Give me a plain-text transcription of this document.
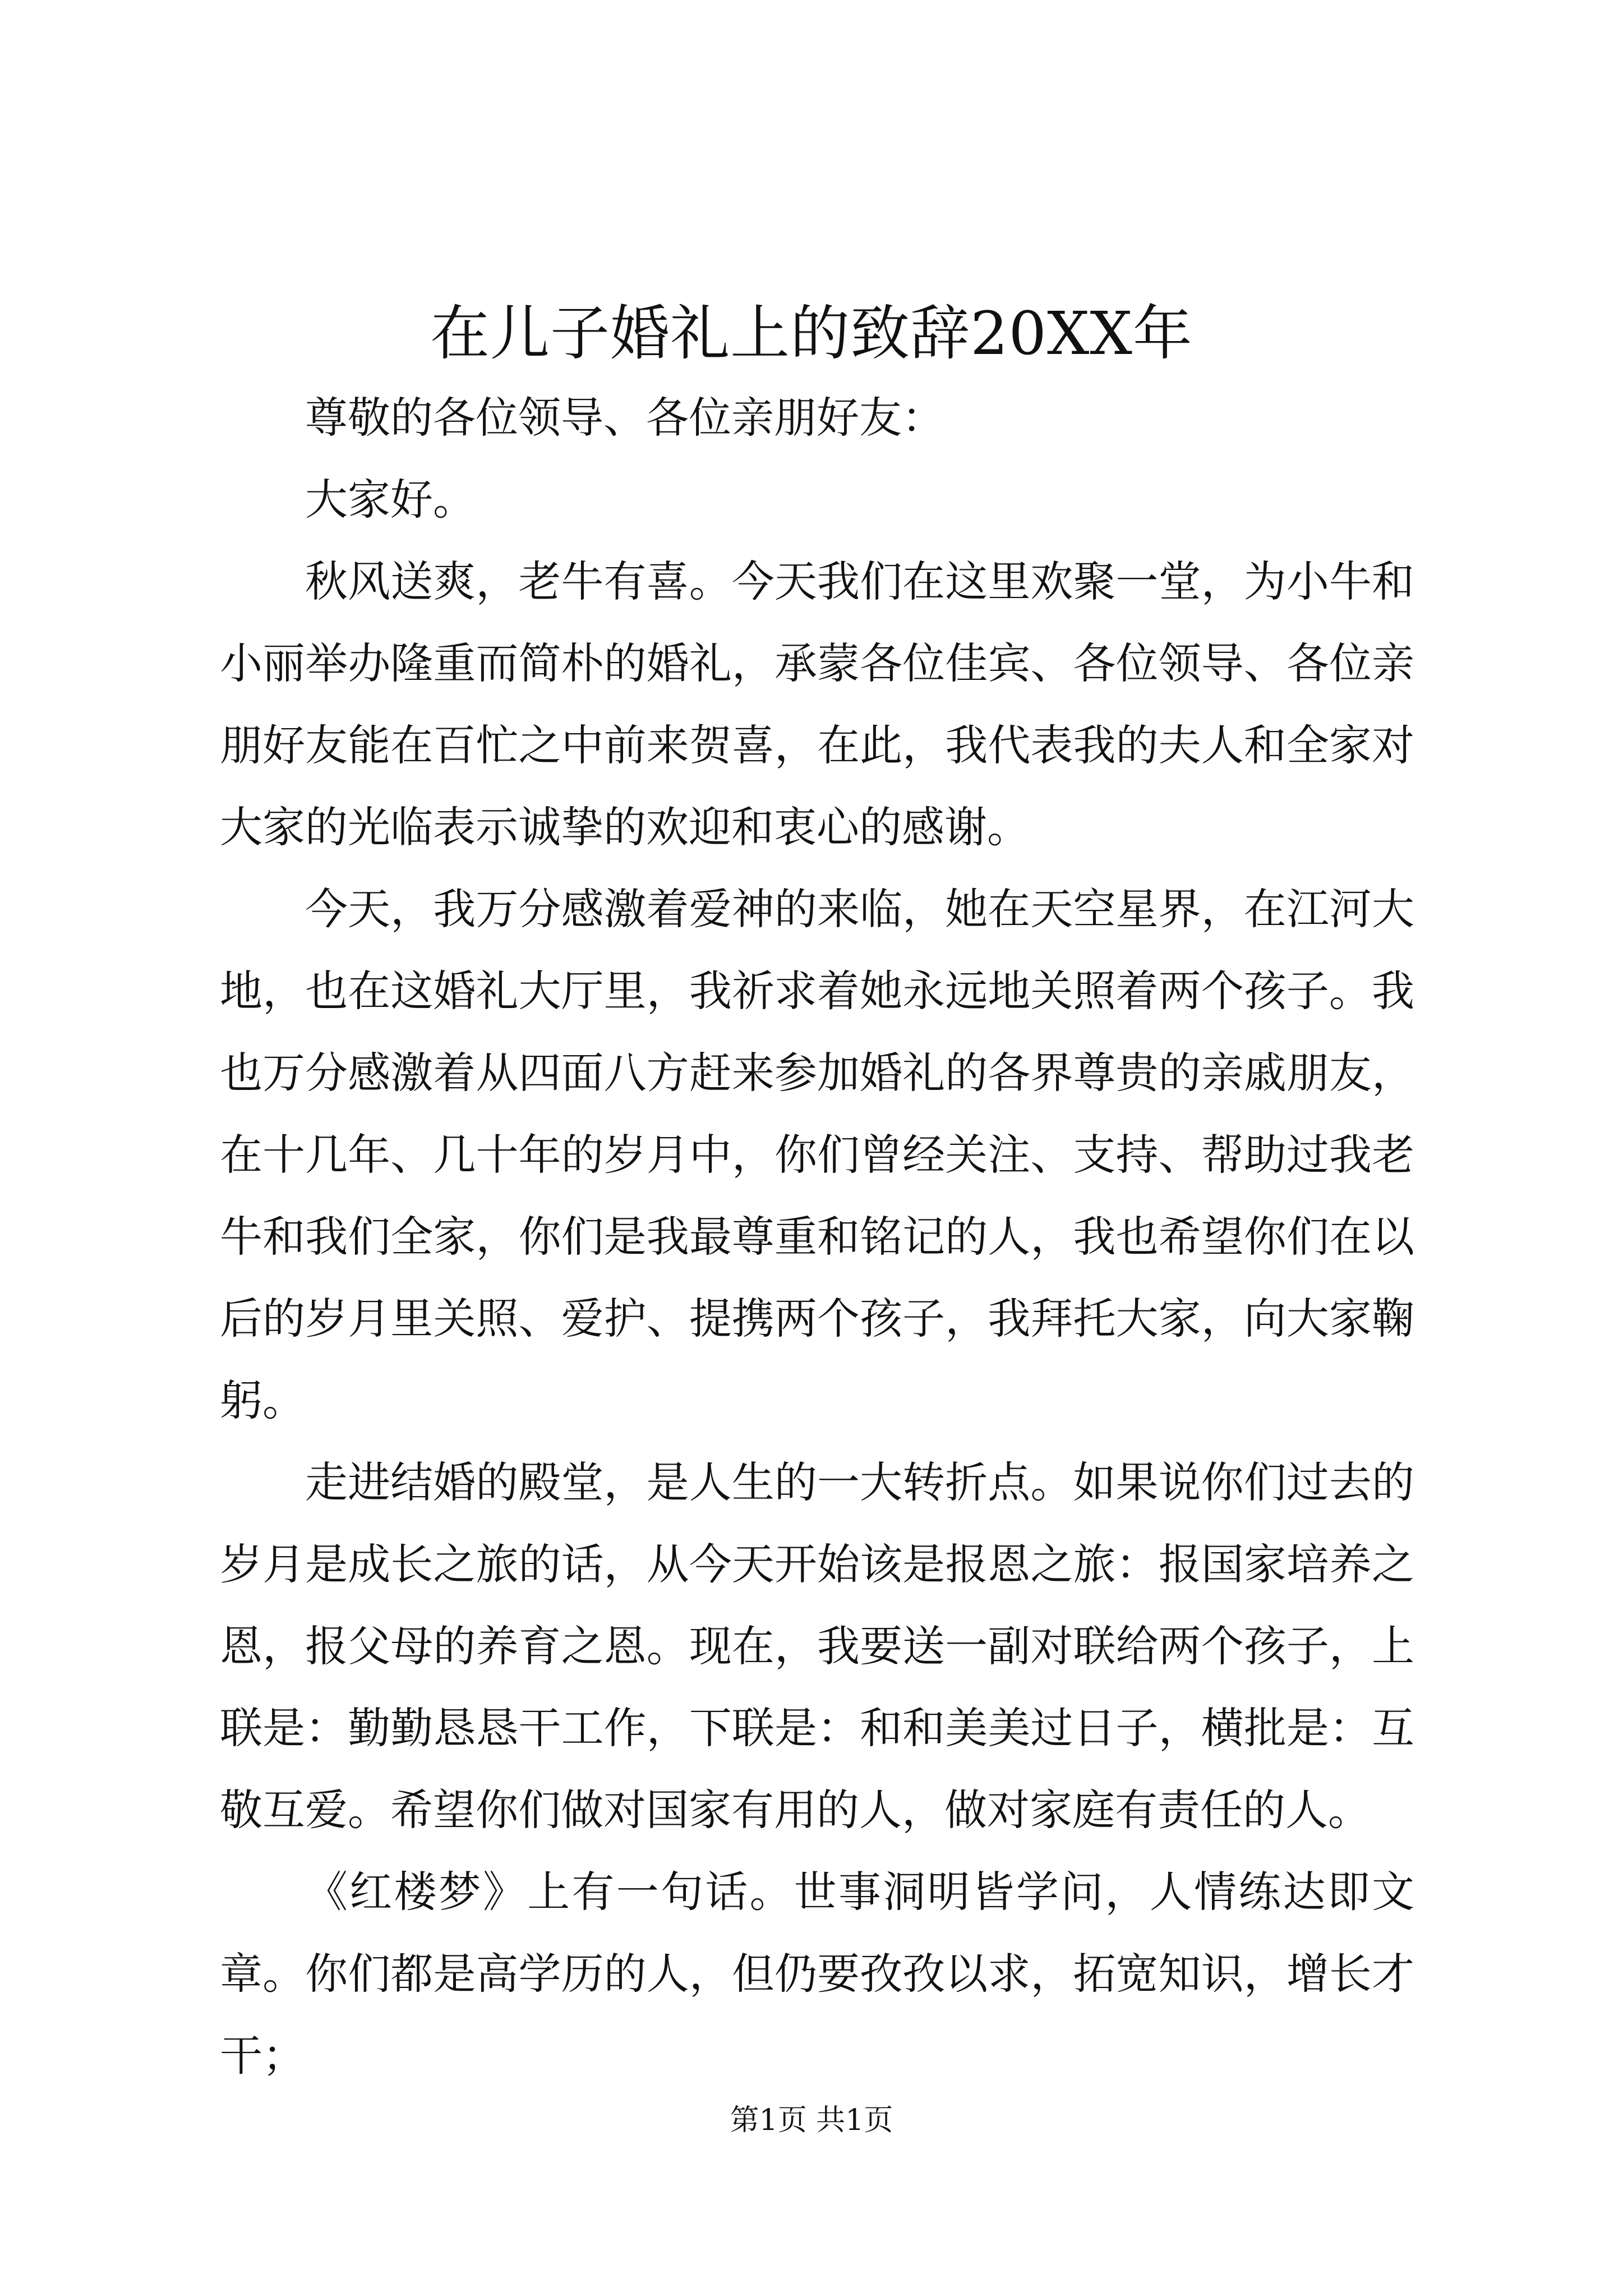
在儿子婚礼上的致辞20XX年

尊敬的各位领导、各位亲朋好友：

大家好。

秋风送爽，老牛有喜。今天我们在这里欢聚一堂，为小牛和小丽举办隆重而简朴的婚礼，承蒙各位佳宾、各位领导、各位亲朋好友能在百忙之中前来贺喜，在此，我代表我的夫人和全家对大家的光临表示诚挚的欢迎和衷心的感谢。

今天，我万分感激着爱神的来临，她在天空星界，在江河大地，也在这婚礼大厅里，我祈求着她永远地关照着两个孩子。我也万分感激着从四面八方赶来参加婚礼的各界尊贵的亲戚朋友，在十几年、几十年的岁月中，你们曾经关注、支持、帮助过我老牛和我们全家，你们是我最尊重和铭记的人，我也希望你们在以后的岁月里关照、爱护、提携两个孩子，我拜托大家，向大家鞠躬。

走进结婚的殿堂，是人生的一大转折点。如果说你们过去的岁月是成长之旅的话，从今天开始该是报恩之旅：报国家培养之恩，报父母的养育之恩。现在，我要送一副对联给两个孩子，上联是：勤勤恳恳干工作，下联是：和和美美过日子，横批是：互敬互爱。希望你们做对国家有用的人，做对家庭有责任的人。

《红楼梦》上有一句话。世事洞明皆学问，人情练达即文章。你们都是高学历的人，但仍要孜孜以求，拓宽知识，增长才干；

第1页 共1页
